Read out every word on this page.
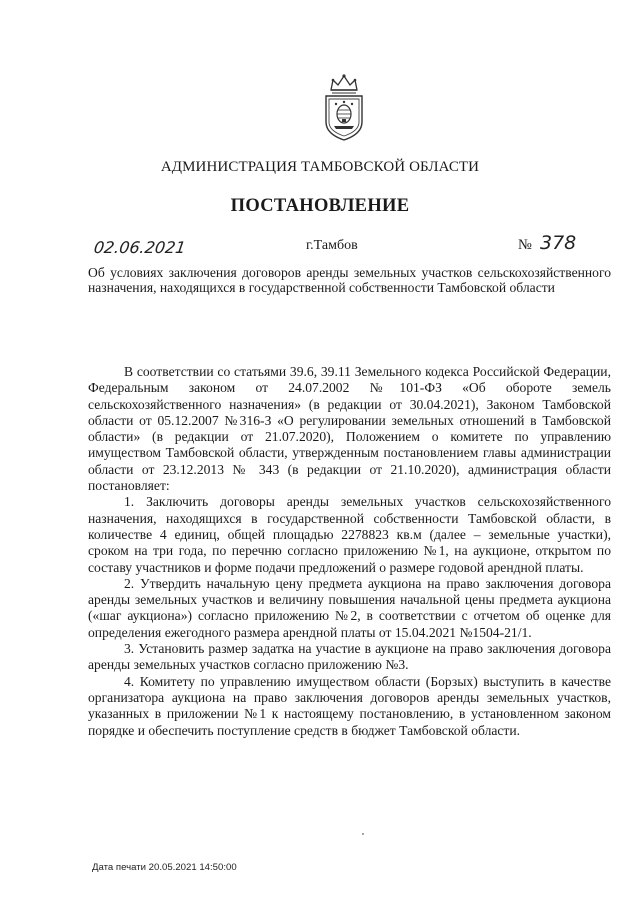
АДМИНИСТРАЦИЯ ТАМБОВСКОЙ ОБЛАСТИ
ПОСТАНОВЛЕНИЕ
02.06.2021	г.Тамбов	№ 378
Об условиях заключения договоров аренды земельных участков сельскохозяйственного назначения, находящихся в государственной собственности Тамбовской области

В соответствии со статьями 39.6, 39.11 Земельного кодекса Российской Федерации, Федеральным законом от 24.07.2002 №101-ФЗ «Об обороте земель сельскохозяйственного назначения» (в редакции от 30.04.2021), Законом Тамбовской области от 05.12.2007 №316-З «О регулировании земельных отношений в Тамбовской области» (в редакции от 21.07.2020), Положением о комитете по управлению имуществом Тамбовской области, утвержденным постановлением главы администрации области от 23.12.2013 № 343 (в редакции от 21.10.2020), администрация области постановляет:

1. Заключить договоры аренды земельных участков сельскохозяйственного назначения, находящихся в государственной собственности Тамбовской области, в количестве 4 единиц, общей площадью 2278823 кв.м (далее – земельные участки), сроком на три года, по перечню согласно приложению №1, на аукционе, открытом по составу участников и форме подачи предложений о размере годовой арендной платы.

2. Утвердить начальную цену предмета аукциона на право заключения договора аренды земельных участков и величину повышения начальной цены предмета аукциона («шаг аукциона») согласно приложению №2, в соответствии с отчетом об оценке для определения ежегодного размера арендной платы от 15.04.2021 №1504-21/1.

3. Установить размер задатка на участие в аукционе на право заключения договора аренды земельных участков согласно приложению №3.

4. Комитету по управлению имуществом области (Борзых) выступить в качестве организатора аукциона на право заключения договоров аренды земельных участков, указанных в приложении №1 к настоящему постановлению, в установленном законом порядке и обеспечить поступление средств в бюджет Тамбовской области.

Дата печати 20.05.2021 14:50:00
